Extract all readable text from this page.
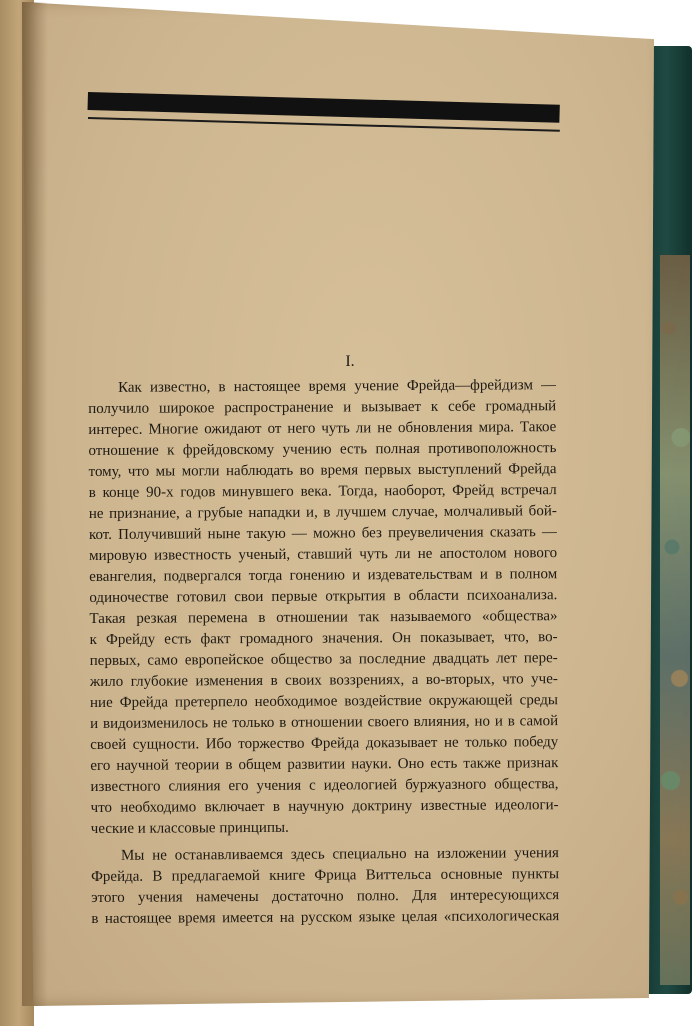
I.
Как известно, в настоящее время учение Фрейда—фрейдизм —
получило широкое распространение и вызывает к себе громадный
интерес. Многие ожидают от него чуть ли не обновления мира. Такое
отношение к фрейдовскому учению есть полная противоположность
тому, что мы могли наблюдать во время первых выступлений Фрейда
в конце 90-х годов минувшего века. Тогда, наоборот, Фрейд встречал
не признание, а грубые нападки и, в лучшем случае, молчаливый бой-
кот. Получивший ныне такую — можно без преувеличения сказать —
мировую известность ученый, ставший чуть ли не апостолом нового
евангелия, подвергался тогда гонению и издевательствам и в полном
одиночестве готовил свои первые открытия в области психоанализа.
Такая резкая перемена в отношении так называемого «общества»
к Фрейду есть факт громадного значения. Он показывает, что, во-
первых, само европейское общество за последние двадцать лет пере-
жило глубокие изменения в своих воззрениях, а во-вторых, что уче-
ние Фрейда претерпело необходимое воздействие окружающей среды
и видоизменилось не только в отношении своего влияния, но и в самой
своей сущности. Ибо торжество Фрейда доказывает не только победу
его научной теории в общем развитии науки. Оно есть также признак
известного слияния его учения с идеологией буржуазного общества,
что необходимо включает в научную доктрину известные идеологи-
ческие и классовые принципы.
Мы не останавливаемся здесь специально на изложении учения
Фрейда. В предлагаемой книге Фрица Виттельса основные пункты
этого учения намечены достаточно полно. Для интересующихся
в настоящее время имеется на русском языке целая «психологическая
